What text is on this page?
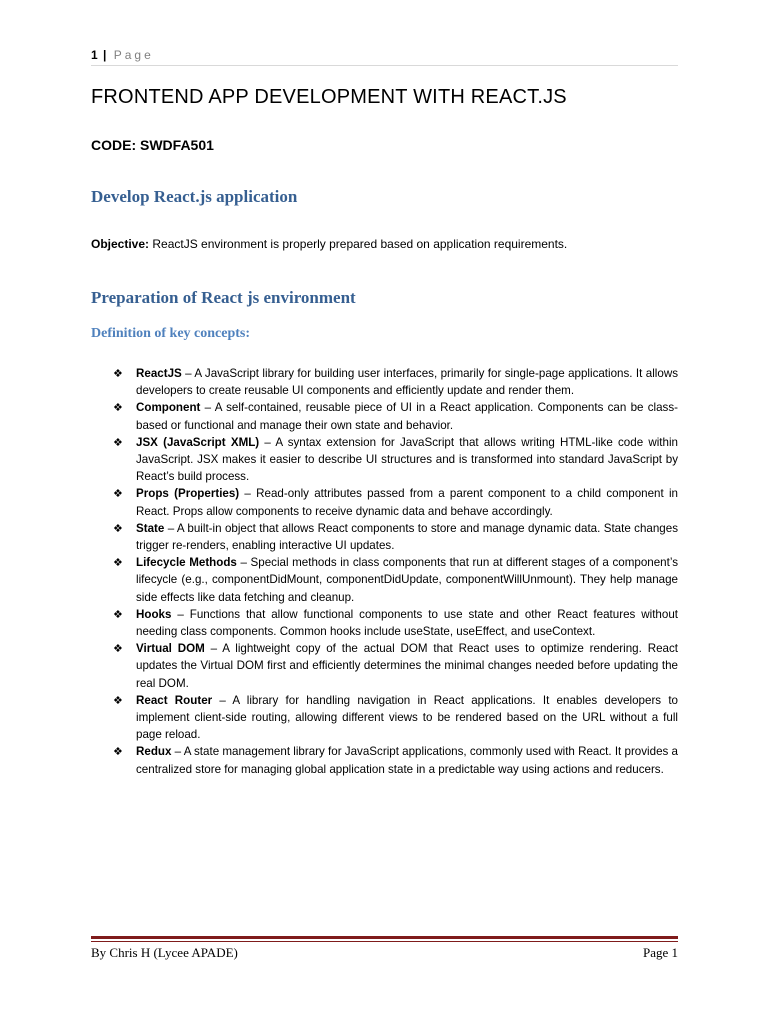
1 | Page
FRONTEND APP DEVELOPMENT WITH REACT.JS

CODE: SWDFA501

Develop React.js application

Objective: ReactJS environment is properly prepared based on application requirements.

Preparation of React js environment
Definition of key concepts:
❖ ReactJS – A JavaScript library for building user interfaces, primarily for single-page applications. It allows developers to create reusable UI components and efficiently update and render them.
❖ Component – A self-contained, reusable piece of UI in a React application. Components can be class-based or functional and manage their own state and behavior.
❖ JSX (JavaScript XML) – A syntax extension for JavaScript that allows writing HTML-like code within JavaScript. JSX makes it easier to describe UI structures and is transformed into standard JavaScript by React’s build process.
❖ Props (Properties) – Read-only attributes passed from a parent component to a child component in React. Props allow components to receive dynamic data and behave accordingly.
❖ State – A built-in object that allows React components to store and manage dynamic data. State changes trigger re-renders, enabling interactive UI updates.
❖ Lifecycle Methods – Special methods in class components that run at different stages of a component’s lifecycle (e.g., componentDidMount, componentDidUpdate, componentWillUnmount). They help manage side effects like data fetching and cleanup.
❖ Hooks – Functions that allow functional components to use state and other React features without needing class components. Common hooks include useState, useEffect, and useContext.
❖ Virtual DOM – A lightweight copy of the actual DOM that React uses to optimize rendering. React updates the Virtual DOM first and efficiently determines the minimal changes needed before updating the real DOM.
❖ React Router – A library for handling navigation in React applications. It enables developers to implement client-side routing, allowing different views to be rendered based on the URL without a full page reload.
❖ Redux – A state management library for JavaScript applications, commonly used with React. It provides a centralized store for managing global application state in a predictable way using actions and reducers.

By Chris H (Lycee APADE)	Page 1
